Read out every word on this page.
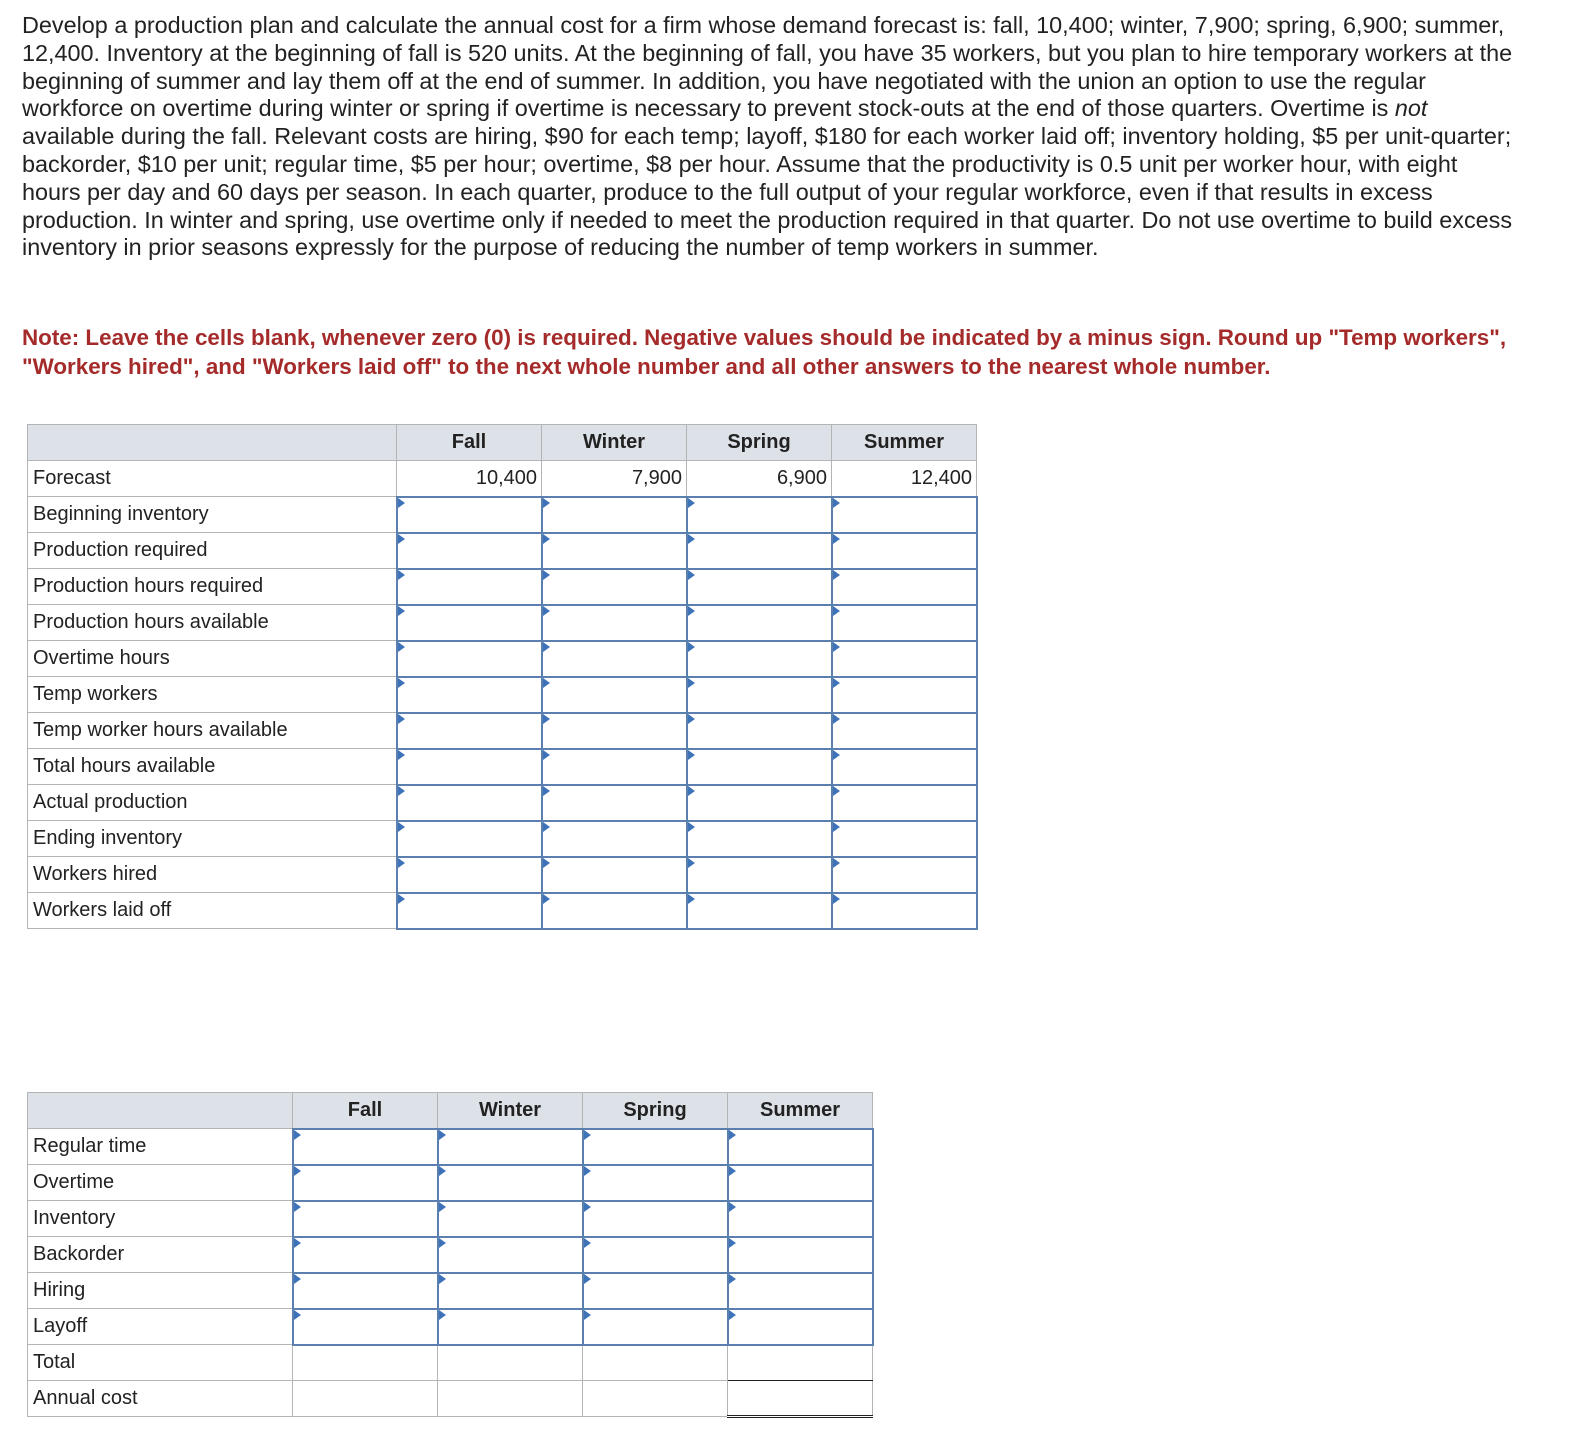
Develop a production plan and calculate the annual cost for a firm whose demand forecast is: fall, 10,400; winter, 7,900; spring, 6,900; summer, 12,400. Inventory at the beginning of fall is 520 units. At the beginning of fall, you have 35 workers, but you plan to hire temporary workers at the beginning of summer and lay them off at the end of summer. In addition, you have negotiated with the union an option to use the regular workforce on overtime during winter or spring if overtime is necessary to prevent stock-outs at the end of those quarters. Overtime is not available during the fall. Relevant costs are hiring, $90 for each temp; layoff, $180 for each worker laid off; inventory holding, $5 per unit-quarter; backorder, $10 per unit; regular time, $5 per hour; overtime, $8 per hour. Assume that the productivity is 0.5 unit per worker hour, with eight hours per day and 60 days per season. In each quarter, produce to the full output of your regular workforce, even if that results in excess production. In winter and spring, use overtime only if needed to meet the production required in that quarter. Do not use overtime to build excess inventory in prior seasons expressly for the purpose of reducing the number of temp workers in summer.

Note: Leave the cells blank, whenever zero (0) is required. Negative values should be indicated by a minus sign. Round up "Temp workers", "Workers hired", and "Workers laid off" to the next whole number and all other answers to the nearest whole number.

	Fall	Winter	Spring	Summer
Forecast	10,400	7,900	6,900	12,400
Beginning inventory				
Production required				
Production hours required				
Production hours available				
Overtime hours				
Temp workers				
Temp worker hours available				
Total hours available				
Actual production				
Ending inventory				
Workers hired				
Workers laid off				
	Fall	Winter	Spring	Summer
Regular time				
Overtime				
Inventory				
Backorder				
Hiring				
Layoff				
Total				
Annual cost				
